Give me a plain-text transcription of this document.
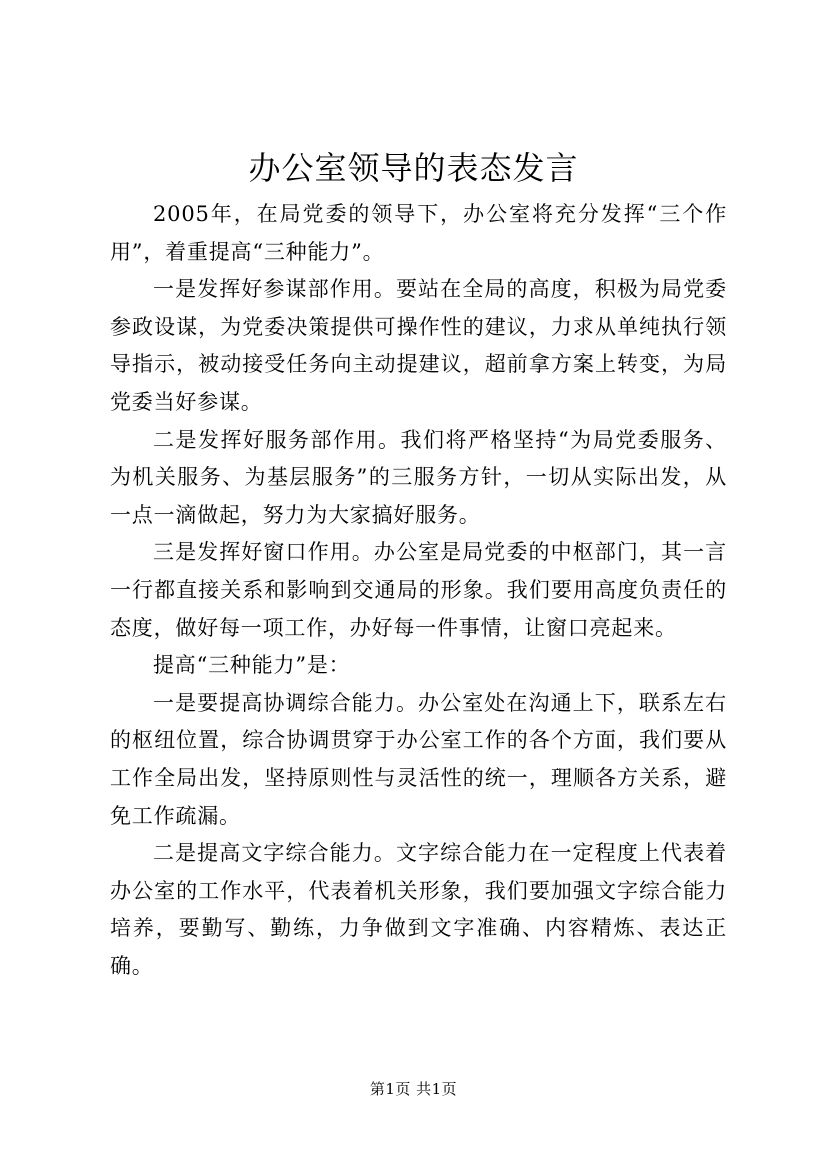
办公室领导的表态发言

2005年，在局党委的领导下，办公室将充分发挥“三个作用”，着重提高“三种能力”。

一是发挥好参谋部作用。要站在全局的高度，积极为局党委参政设谋，为党委决策提供可操作性的建议，力求从单纯执行领导指示，被动接受任务向主动提建议，超前拿方案上转变，为局党委当好参谋。

二是发挥好服务部作用。我们将严格坚持“为局党委服务、为机关服务、为基层服务”的三服务方针，一切从实际出发，从一点一滴做起，努力为大家搞好服务。

三是发挥好窗口作用。办公室是局党委的中枢部门，其一言一行都直接关系和影响到交通局的形象。我们要用高度负责任的态度，做好每一项工作，办好每一件事情，让窗口亮起来。

提高“三种能力”是：

一是要提高协调综合能力。办公室处在沟通上下，联系左右的枢纽位置，综合协调贯穿于办公室工作的各个方面，我们要从工作全局出发，坚持原则性与灵活性的统一，理顺各方关系，避免工作疏漏。

二是提高文字综合能力。文字综合能力在一定程度上代表着办公室的工作水平，代表着机关形象，我们要加强文字综合能力培养，要勤写、勤练，力争做到文字准确、内容精炼、表达正确。

第1页 共1页
